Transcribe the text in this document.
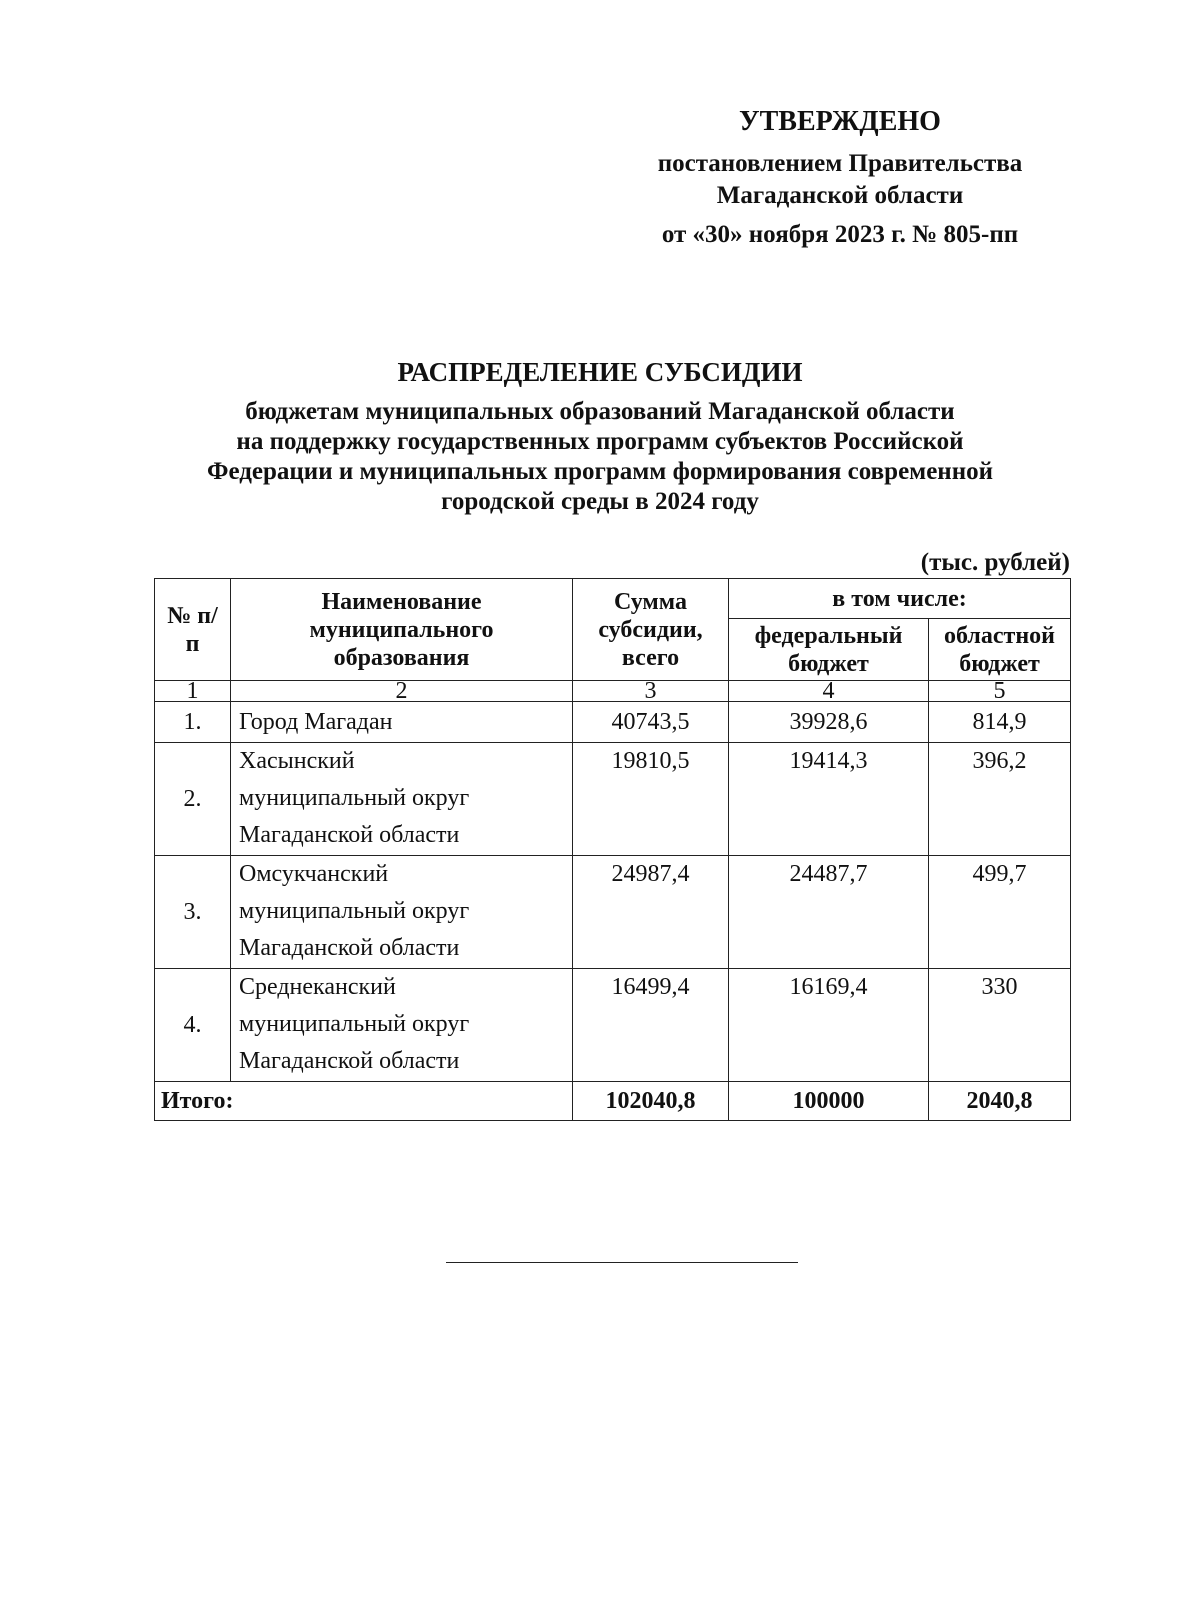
УТВЕРЖДЕНО
постановлением Правительства
Магаданской области
от «30» ноября 2023 г. № 805-пп
РАСПРЕДЕЛЕНИЕ СУБСИДИИ
бюджетам муниципальных образований Магаданской области
на поддержку государственных программ субъектов Российской
Федерации и муниципальных программ формирования современной
городской среды в 2024 году
(тыс. рублей)
№ п/п	Наименование муниципального образования	Сумма субсидии, всего	в том числе:	
			федеральный бюджет	областной бюджет
1	2	3	4	5
1.	Город Магадан	40743,5	39928,6	814,9
2.	Хасынский
муниципальный округ
Магаданской области	19810,5	19414,3	396,2
3.	Омсукчанский
муниципальный округ
Магаданской области	24987,4	24487,7	499,7
4.	Среднеканский
муниципальный округ
Магаданской области	16499,4	16169,4	330
Итого:		102040,8	100000	2040,8
